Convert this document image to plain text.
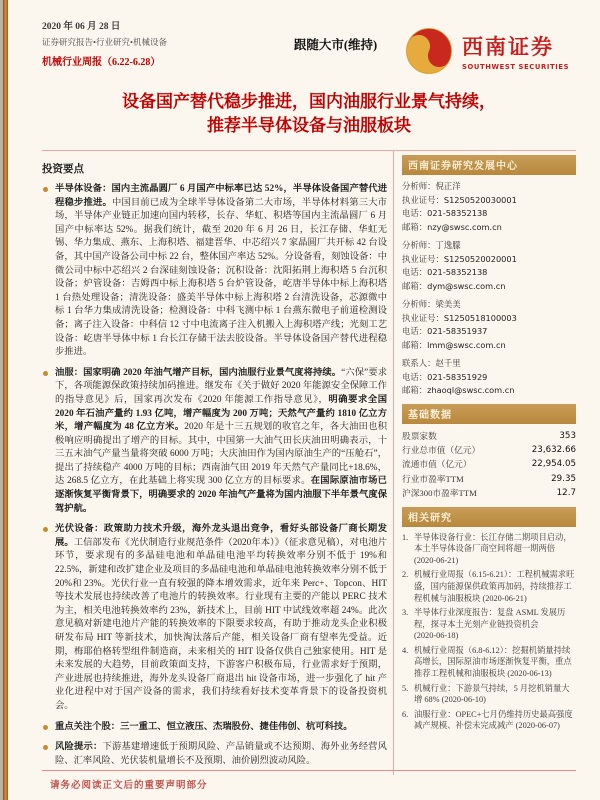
2020 年 06 月 28 日
证券研究报告•行业研究•机械设备
机械行业周报（6.22-6.28）
跟随大市(维持)	西南证券
SOUTHWEST SECURITIES
设备国产替代稳步推进，国内油服行业景气持续，
推荐半导体设备与油服板块
投资要点
半导体设备：国内主流晶圆厂 6 月国产中标率已达 52%，半导体设备国产替代进程稳步推进。中国目前已成为全球半导体设备第二大市场，半导体材料第三大市场，半导体产业链正加速向国内转移，长存、华虹、积塔等国内主流晶圆厂 6 月国产中标率达 52%。据我们统计，截至 2020 年 6 月 26 日，长江存储、华虹无锡、华力集成、燕东、上海积塔、福建晋华、中芯绍兴 7 家晶圆厂共开标 42 台设备，其中国产设备公司中标 22 台，整体国产率达 52%。分设备看，刻蚀设备：中微公司中标中芯绍兴 2 台深硅刻蚀设备；沉积设备：沈阳拓荆上海积塔 5 台沉积设备；炉管设备：吉姆西中标上海积塔 5 台炉管设备，屹唐半导体中标上海积塔 1 台热处理设备；清洗设备：盛美半导体中标上海积塔 2 台清洗设备，芯源微中标 1 台华力集成清洗设备；检测设备：中科飞测中标 1 台燕东微电子前道检测设备；离子注入设备：中科信 12 寸中电流离子注入机搬入上海积塔产线；光刻工艺设备：屹唐半导体中标 1 台长江存储干法去胶设备。半导体设备国产替代进程稳步推进。
油服：国家明确 2020 年油气增产目标，国内油服行业景气度将持续。“六保”要求下，各项能源保政策持续加码推进。继发布《关于做好 2020 年能源安全保障工作的指导意见》后，国家再次发布《2020 年能源工作指导意见》，明确要求全国 2020 年石油产量约 1.93 亿吨，增产幅度为 200 万吨；天然气产量约 1810 亿立方米，增产幅度为 48 亿立方米。2020 年是十三五规划的收官之年，各大油田也积极响应明确提出了增产的目标。其中，中国第一大油气田长庆油田明确表示，十三五末油气产量当量将突破 6000 万吨；大庆油田作为国内原油生产的“压舱石”，提出了持续稳产 4000 万吨的目标；西南油气田 2019 年天然气产量同比+18.6%，达 268.5 亿立方，在此基础上将实现 300 亿立方的目标要求。在国际原油市场已逐渐恢复平衡背景下，明确要求的 2020 年油气产量将为国内油服下半年景气度保驾护航。
光伏设备：政策助力技术升级，海外龙头退出竞争，看好头部设备厂商长期发展。工信部发布《光伏制造行业规范条件（2020年本）》（征求意见稿），对电池片环节，要求现有的多晶硅电池和单晶硅电池平均转换效率分别不低于 19%和 22.5%，新建和改扩建企业及项目的多晶硅电池和单晶硅电池转换效率分别不低于 20%和 23%。光伏行业一直有较强的降本增效需求，近年来 Perc+、Topcon、HIT 等技术发展也持续改善了电池片的转换效率。行业现有主要的产能以 PERC 技术为主，相关电池转换效率约 23%，新技术上，目前 HIT 中试线效率超 24%。此次意见稿对新建电池片产能的转换效率的下限要求较高，有助于推动龙头企业积极研发布局 HIT 等新技术，加快淘汰落后产能，相关设备厂商有望率先受益。近期，梅耶伯格转型组件制造商，未来相关的 HIT 设备仅供自己独家使用。HIT 是未来发展的大趋势，目前政策面支持，下游客户积极布局，行业需求好于预期，产业进展也持续推进，海外龙头设备厂商退出 hit 设备市场，进一步强化了 hit 产业化进程中对于国产设备的需求，我们持续看好技术变革背景下的设备投资机会。
重点关注个股：三一重工、恒立液压、杰瑞股份、捷佳伟创、杭可科技。
风险提示：下游基建增速低于预期风险、产品销量或不达预期、海外业务经营风险、汇率风险、光伏装机量增长不及预期、油价剧烈波动风险。
西南证券研究发展中心
分析师：倪正洋
执业证号：S1250520030001
电话：021-58352138
邮箱：nzy@swsc.com.cn
分析师：丁逸朦
执业证号：S1250520020001
电话：021-58352138
邮箱：dym@swsc.com.cn
分析师：梁美美
执业证号：S1250518100003
电话：021-58351937
邮箱：lmm@swsc.com.cn
联系人：赵千里
电话：021-58351929
邮箱：zhaoql@swsc.com.cn
基础数据
股票家数	353
行业总市值（亿元）	23,632.66
流通市值（亿元）	22,954.05
行业市盈率TTM	29.35
沪深300市盈率TTM	12.7
相关研究
1. 半导体设备行业：长江存储二期项目启动，本土半导体设备厂商空间将超一期两倍 (2020-06-21)
2. 机械行业周报（6.15-6.21）：工程机械需求旺盛，国内能源保供政策再加码，持续推荐工程机械与油服板块 (2020-06-21)
3. 半导体行业深度报告：复盘 ASML 发展历程，探寻本土光刻产业链投资机会 (2020-06-18)
4. 机械行业周报（6.8-6.12）：挖掘机销量持续高增长，国际原油市场逐渐恢复平衡，重点推荐工程机械和油服板块 (2020-06-13)
5. 机械行业：下游景气持续，5 月挖机销量大增 68% (2020-06-10)
6. 油服行业：OPEC+七月仍维持历史最高强度减产规模、补偿未完成减产 (2020-06-07)
请务必阅读正文后的重要声明部分
